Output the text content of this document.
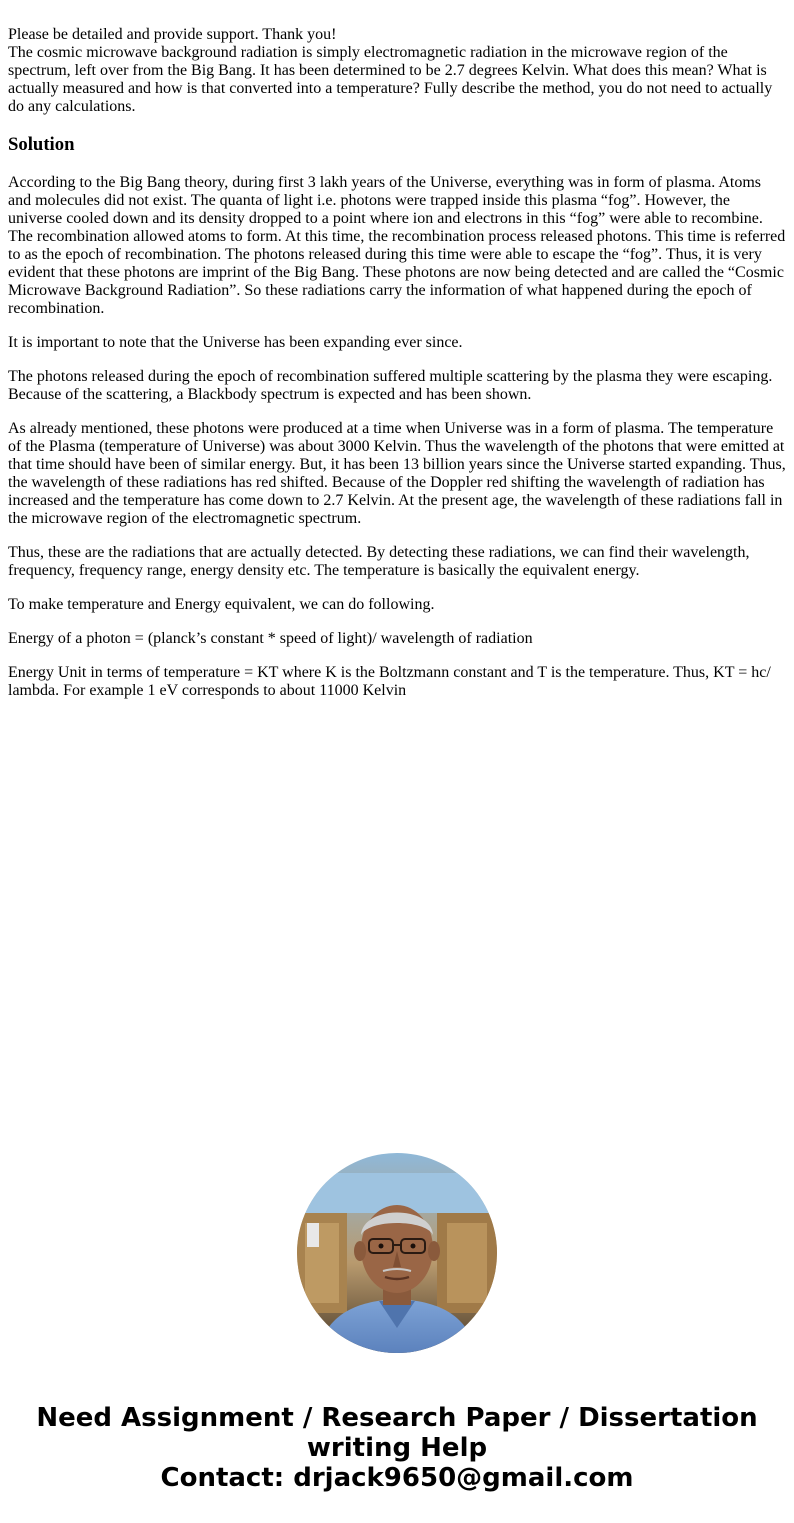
Please be detailed and provide support. Thank you!

The cosmic microwave background radiation is simply electromagnetic radiation in the microwave region of the spectrum, left over from the Big Bang. It has been determined to be 2.7 degrees Kelvin. What does this mean? What is actually measured and how is that converted into a temperature? Fully describe the method, you do not need to actually do any calculations.

Solution

According to the Big Bang theory, during first 3 lakh years of the Universe, everything was in form of plasma. Atoms and molecules did not exist. The quanta of light i.e. photons were trapped inside this plasma “fog”. However, the universe cooled down and its density dropped to a point where ion and electrons in this “fog” were able to recombine. The recombination allowed atoms to form. At this time, the recombination process released photons. This time is referred to as the epoch of recombination. The photons released during this time were able to escape the “fog”. Thus, it is very evident that these photons are imprint of the Big Bang. These photons are now being detected and are called the “Cosmic Microwave Background Radiation”. So these radiations carry the information of what happened during the epoch of recombination.

It is important to note that the Universe has been expanding ever since.

The photons released during the epoch of recombination suffered multiple scattering by the plasma they were escaping. Because of the scattering, a Blackbody spectrum is expected and has been shown.

As already mentioned, these photons were produced at a time when Universe was in a form of plasma. The temperature of the Plasma (temperature of Universe) was about 3000 Kelvin. Thus the wavelength of the photons that were emitted at that time should have been of similar energy. But, it has been 13 billion years since the Universe started expanding. Thus, the wavelength of these radiations has red shifted. Because of the Doppler red shifting the wavelength of radiation has increased and the temperature has come down to 2.7 Kelvin. At the present age, the wavelength of these radiations fall in the microwave region of the electromagnetic spectrum.

Thus, these are the radiations that are actually detected. By detecting these radiations, we can find their wavelength, frequency, frequency range, energy density etc. The temperature is basically the equivalent energy.

To make temperature and Energy equivalent, we can do following.

Energy of a photon = (planck’s constant * speed of light)/ wavelength of radiation

Energy Unit in terms of temperature = KT where K is the Boltzmann constant and T is the temperature. Thus, KT = hc/ lambda. For example 1 eV corresponds to about 11000 Kelvin

Need Assignment / Research Paper / Dissertation writing Help
Contact: drjack9650@gmail.com
